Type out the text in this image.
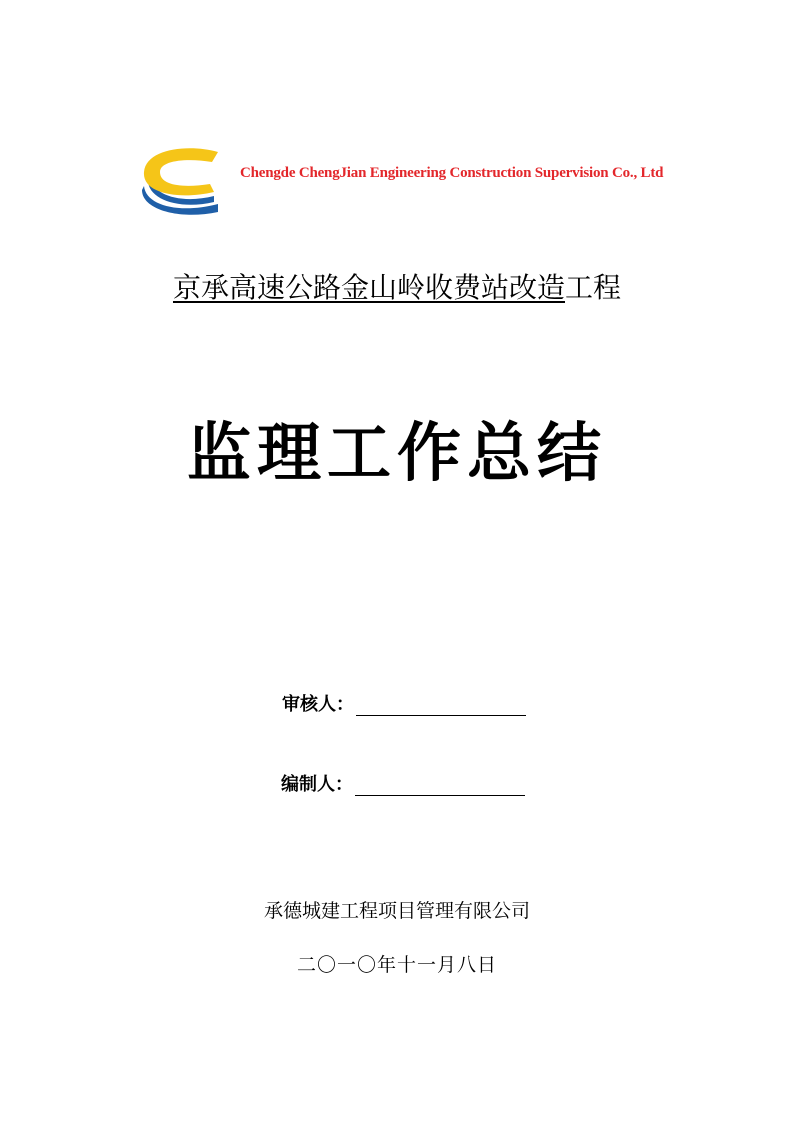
Chengde ChengJian Engineering Construction Supervision Co., Ltd
京承高速公路金山岭收费站改造工程
监理工作总结
审核人：
编制人：
承德城建工程项目管理有限公司
二〇一〇年十一月八日
